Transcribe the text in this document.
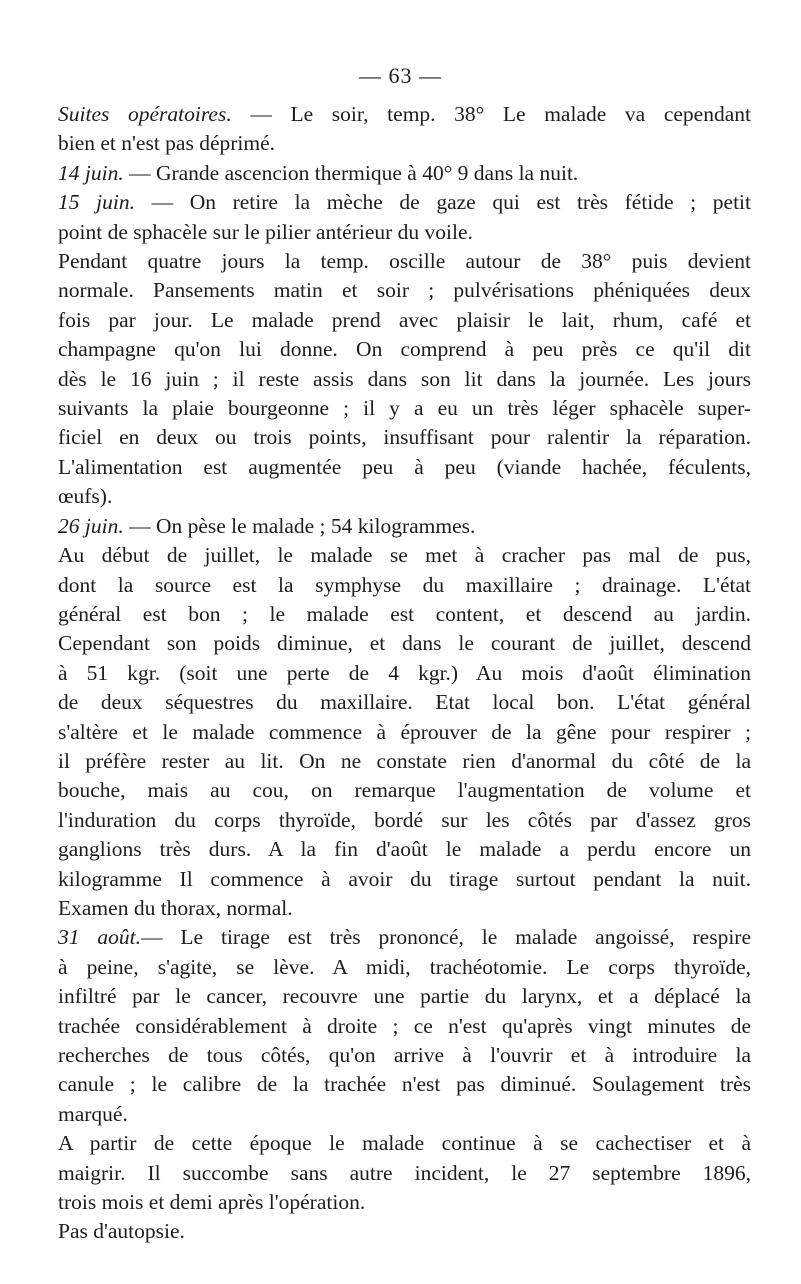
— 63 —

Suites opératoires. — Le soir, temp. 38° Le malade va cependant
bien et n'est pas déprimé.

14 juin. — Grande ascencion thermique à 40° 9 dans la nuit.

15 juin. — On retire la mèche de gaze qui est très fétide ; petit
point de sphacèle sur le pilier antérieur du voile.

Pendant quatre jours la temp. oscille autour de 38° puis devient
normale. Pansements matin et soir ; pulvérisations phéniquées deux
fois par jour. Le malade prend avec plaisir le lait, rhum, café et
champagne qu'on lui donne. On comprend à peu près ce qu'il dit
dès le 16 juin ; il reste assis dans son lit dans la journée. Les jours
suivants la plaie bourgeonne ; il y a eu un très léger sphacèle super-
ficiel en deux ou trois points, insuffisant pour ralentir la réparation.
L'alimentation est augmentée peu à peu (viande hachée, féculents,
œufs).

26 juin. — On pèse le malade ; 54 kilogrammes.

Au début de juillet, le malade se met à cracher pas mal de pus,
dont la source est la symphyse du maxillaire ; drainage. L'état
général est bon ; le malade est content, et descend au jardin.
Cependant son poids diminue, et dans le courant de juillet, descend
à 51 kgr. (soit une perte de 4 kgr.) Au mois d'août élimination
de deux séquestres du maxillaire. Etat local bon. L'état général
s'altère et le malade commence à éprouver de la gêne pour respirer ;
il préfère rester au lit. On ne constate rien d'anormal du côté de la
bouche, mais au cou, on remarque l'augmentation de volume et
l'induration du corps thyroïde, bordé sur les côtés par d'assez gros
ganglions très durs. A la fin d'août le malade a perdu encore un
kilogramme Il commence à avoir du tirage surtout pendant la nuit.
Examen du thorax, normal.

31 août.— Le tirage est très prononcé, le malade angoissé, respire
à peine, s'agite, se lève. A midi, trachéotomie. Le corps thyroïde,
infiltré par le cancer, recouvre une partie du larynx, et a déplacé la
trachée considérablement à droite ; ce n'est qu'après vingt minutes de
recherches de tous côtés, qu'on arrive à l'ouvrir et à introduire la
canule ; le calibre de la trachée n'est pas diminué. Soulagement très
marqué.

A partir de cette époque le malade continue à se cachectiser et à
maigrir. Il succombe sans autre incident, le 27 septembre 1896,
trois mois et demi après l'opération.
Pas d'autopsie.
